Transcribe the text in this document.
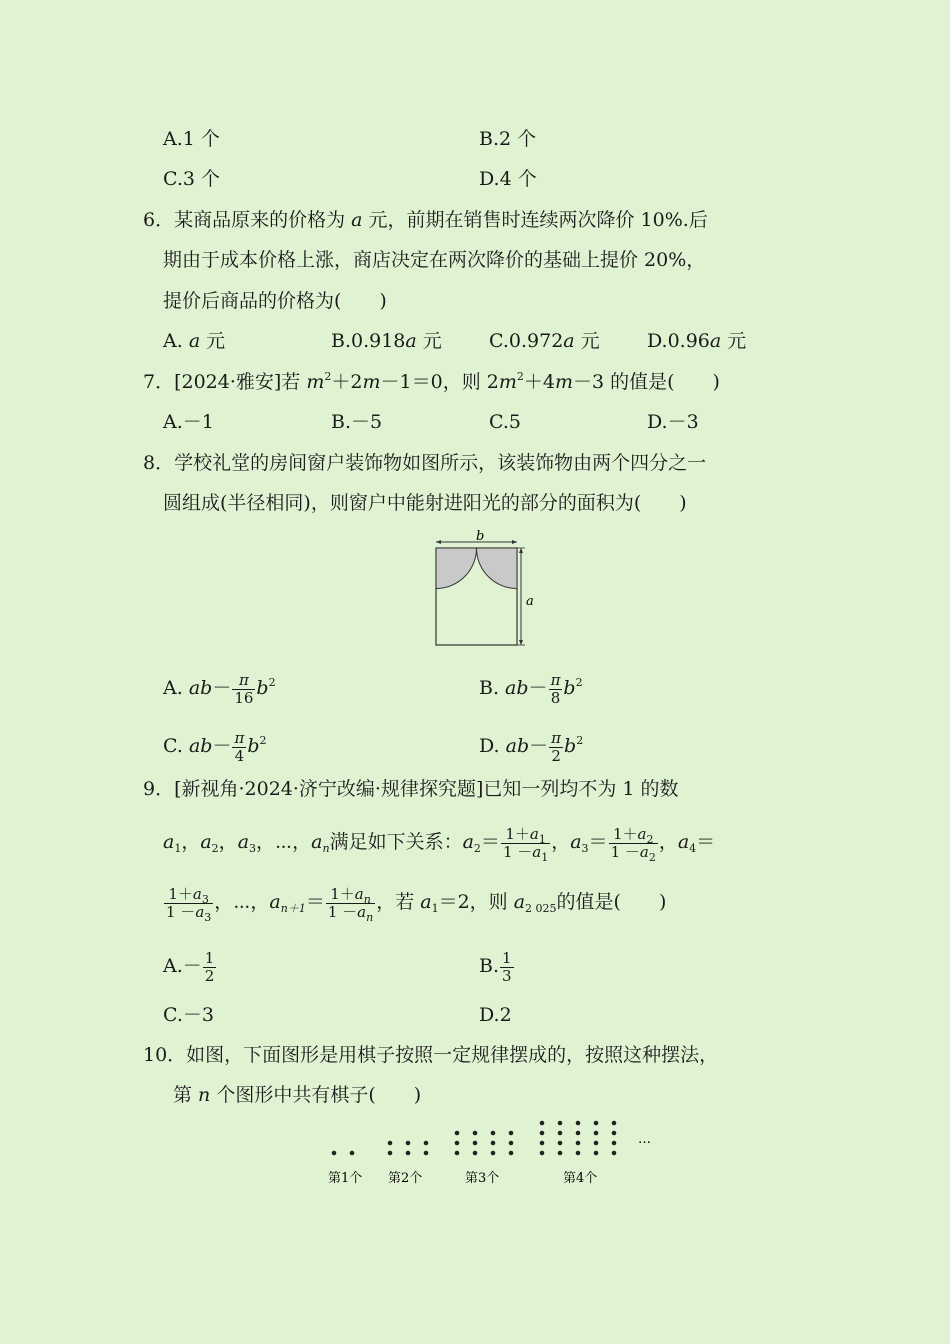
A.1 个	B.2 个
C.3 个	D.4 个
6．某商品原来的价格为 a 元，前期在销售时连续两次降价 10%.后
期由于成本价格上涨，商店决定在两次降价的基础上提价 20%，
提价后商品的价格为(　　)
A. a 元	B.0.918a 元 C.0.972a 元 D.0.96a 元
7．[2024·雅安]若 $m^2+2m-1=0$，则 $2m^2+4m-3$ 的值是(　　)
A.－1	B.－5	C.5	D.－3
8．学校礼堂的房间窗户装饰物如图所示，该装饰物由两个四分之一
圆组成(半径相同)，则窗户中能射进阳光的部分的面积为(　　)
b
a
A. $ab- \frac{\pi}{16} b^2$	B. $ab- \frac{\pi}{8} b^2$
C. $ab- \frac{\pi}{4} b^2$	D. $ab- \frac{\pi}{2} b^2$
9．[新视角·2024·济宁改编·规律探究题]已知一列均不为 1 的数
$a_1$，$a_2$，$a_3$，⋯，$a_n$满足如下关系：$a_2= \frac{1+a_1}{1 -a_1}$ ，$a_3= \frac{1+a_2}{1 -a_2}$ ，$a_4=$
$\frac{1+a_3}{1 -a_3}$ ，⋯，$a_{n+1}= \frac{1+a_n}{1 -a_n}$ ，若 $a_1=2$，则 $a_{2 025}$的值是(　　)
$A.- \frac{1}{2}$	B. $\frac{1}{3}$
C.－3	D.2
10．如图，下面图形是用棋子按照一定规律摆成的，按照这种摆法，
第 n 个图形中共有棋子(　　)
…
第1个 第2个	第3个	第4个
